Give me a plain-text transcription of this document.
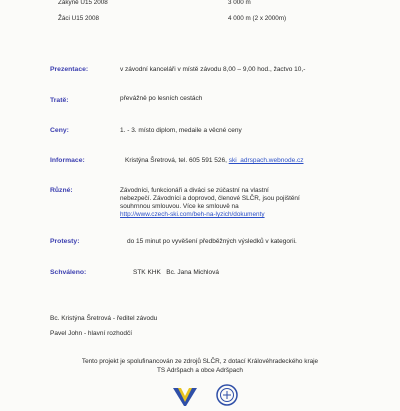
Žákyně U15 2008	3 000 m
Žáci U15 2008	4 000 m (2 x 2000m)
Prezentace:	v závodní kanceláři v místě závodu 8,00 – 9,00 hod., žactvo 10,-
Tratě:	převážně po lesních cestách
Ceny:	1. - 3. místo diplom, medaile a věcné ceny
Informace:	Kristýna Šretrová, tel. 605 591 526, ski_adrspach.webnode.cz
Různé:	Závodníci, funkcionáři a diváci se zúčastní na vlastní
nebezpečí. Závodníci a doprovod, členové SLČR, jsou pojištění
souhrnnou smlouvou. Více ke smlouvě na
http://www.czech-ski.com/beh-na-lyzich/dokumenty
Protesty:	do 15 minut po vyvěšení předběžných výsledků v kategorii.
Schváleno:	STK KHK   Bc. Jana Michlová
Bc. Kristýna Šretrová - ředitel závodu
Pavel John - hlavní rozhodčí
Tento projekt je spolufinancován ze zdrojů SLČR, z dotací Královéhradeckého kraje
TS Adršpach a obce Adršpach
